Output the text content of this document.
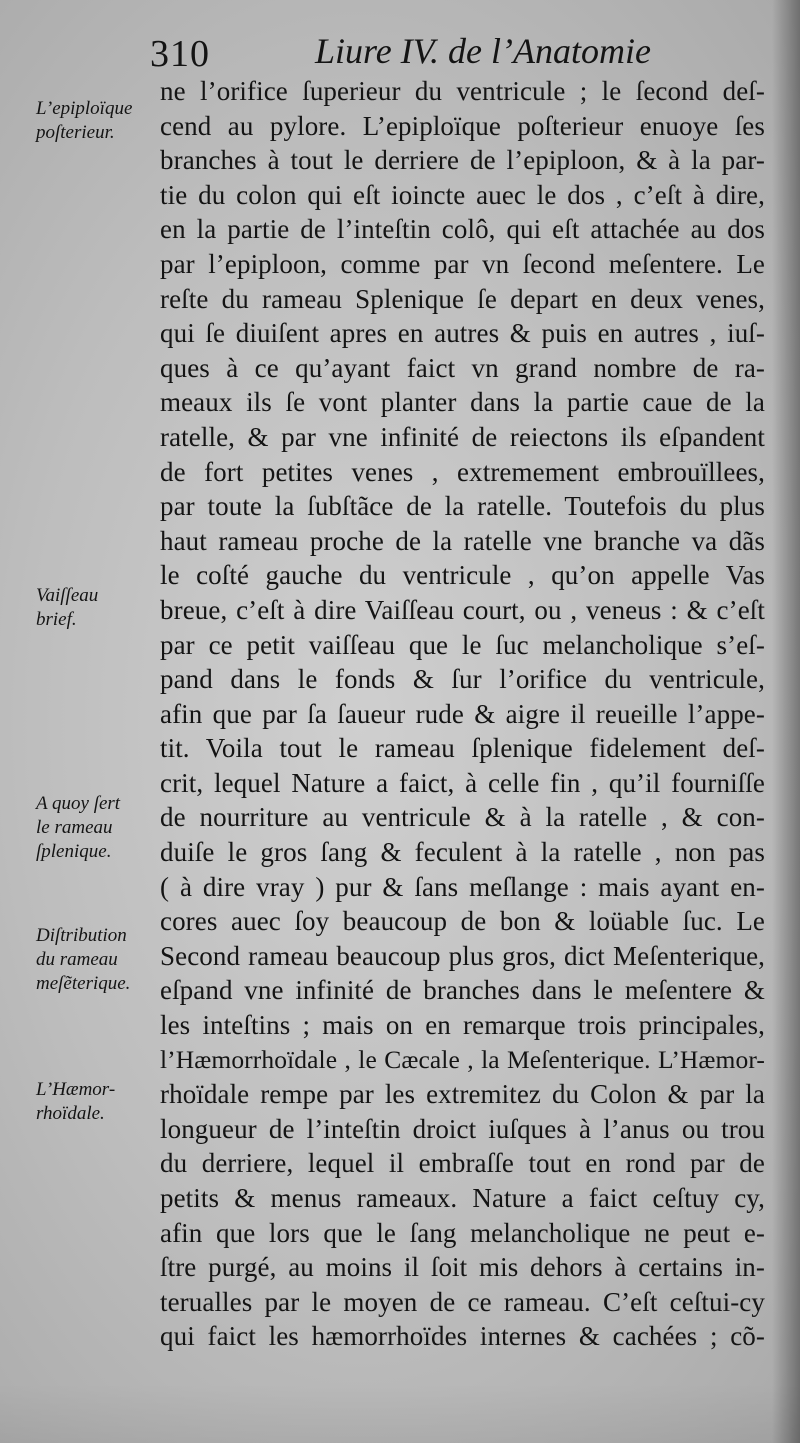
310	Liure IV. de l’Anatomie
L’epiploïque
poſterieur.
Vaiſſeau
brief.
A quoy ſert
le rameau
ſplenique.
Diſtribution
du rameau
meſẽterique.
L’Hæmor-
rhoïdale.
ne l’orifice ſuperieur du ventricule ; le ſecond deſ-
cend au pylore. L’epiploïque poſterieur enuoye ſes
branches à tout le derriere de l’epiploon, & à la par-
tie du colon qui eſt ioincte auec le dos , c’eſt à dire,
en la partie de l’inteſtin colô, qui eſt attachée au dos
par l’epiploon, comme par vn ſecond meſentere. Le
reſte du rameau Splenique ſe depart en deux venes,
qui ſe diuiſent apres en autres & puis en autres , iuſ-
ques à ce qu’ayant faict vn grand nombre de ra-
meaux ils ſe vont planter dans la partie caue de la
ratelle, & par vne infinité de reiectons ils eſpandent
de fort petites venes , extremement embrouïllees,
par toute la ſubſtãce de la ratelle. Toutefois du plus
haut rameau proche de la ratelle vne branche va dãs
le coſté gauche du ventricule , qu’on appelle Vas
breue, c’eſt à dire Vaiſſeau court, ou , veneus : & c’eſt
par ce petit vaiſſeau que le ſuc melancholique s’eſ-
pand dans le fonds & ſur l’orifice du ventricule,
afin que par ſa ſaueur rude & aigre il reueille l’appe-
tit. Voila tout le rameau ſplenique fidelement deſ-
crit, lequel Nature a faict, à celle fin , qu’il fourniſſe
de nourriture au ventricule & à la ratelle , & con-
duiſe le gros ſang & feculent à la ratelle , non pas
( à dire vray ) pur & ſans meſlange : mais ayant en-
cores auec ſoy beaucoup de bon & loüable ſuc. Le
Second rameau beaucoup plus gros, dict Meſenterique,
eſpand vne infinité de branches dans le meſentere &
les inteſtins ; mais on en remarque trois principales,
l’Hæmorrhoïdale , le Cæcale , la Meſenterique. L’Hæmor-
rhoïdale rempe par les extremitez du Colon & par la
longueur de l’inteſtin droict iuſques à l’anus ou trou
du derriere, lequel il embraſſe tout en rond par de
petits & menus rameaux. Nature a faict ceſtuy cy,
afin que lors que le ſang melancholique ne peut e-
ſtre purgé, au moins il ſoit mis dehors à certains in-
terualles par le moyen de ce rameau. C’eſt ceſtui-cy
qui faict les hæmorrhoïdes internes & cachées ; cõ-
